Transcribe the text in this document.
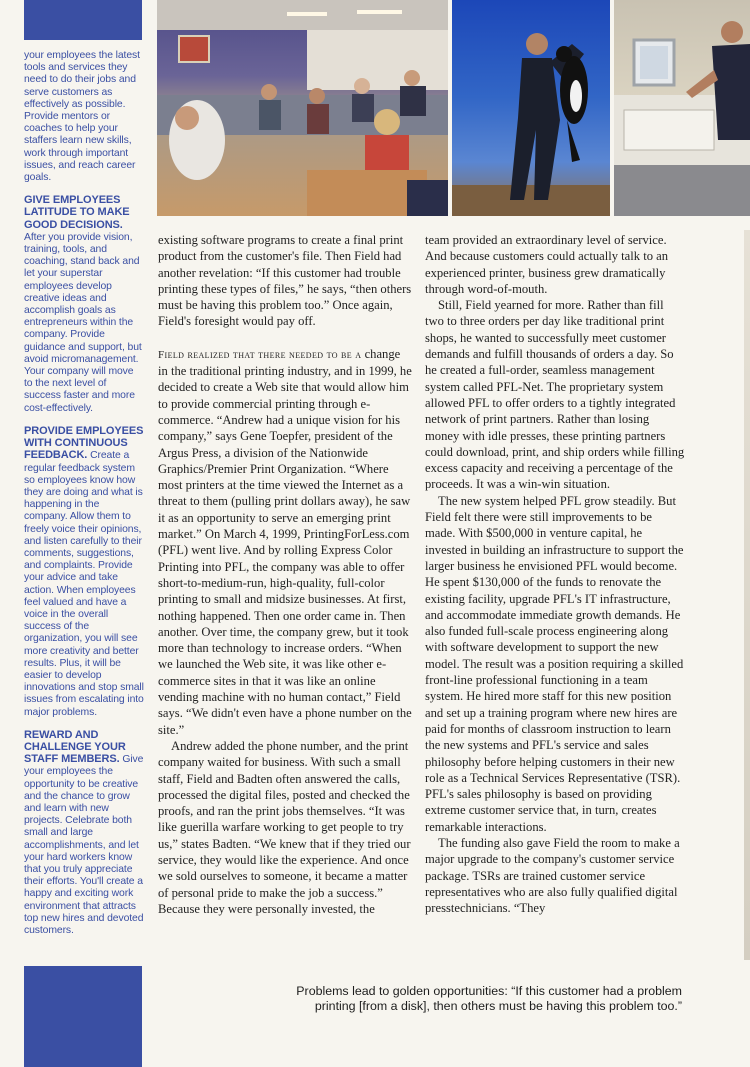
your employees the latest tools and services they need to do their jobs and serve customers as effectively as possible. Provide mentors or coaches to help your staffers learn new skills, work through important issues, and reach career goals.

GIVE EMPLOYEES LATITUDE TO MAKE GOOD DECISIONS.
After you provide vision, training, tools, and coaching, stand back and let your superstar employees develop creative ideas and accomplish goals as entrepreneurs within the company. Provide guidance and support, but avoid micromanagement. Your company will move to the next level of success faster and more cost-effectively.

PROVIDE EMPLOYEES WITH CONTINUOUS FEEDBACK. Create a regular feedback system so employees know how they are doing and what is happening in the company. Allow them to freely voice their opinions, and listen carefully to their comments, suggestions, and complaints. Provide your advice and take action. When employees feel valued and have a voice in the overall success of the organization, you will see more creativity and better results. Plus, it will be easier to develop innovations and stop small issues from escalating into major problems.

REWARD AND CHALLENGE YOUR STAFF MEMBERS. Give your employees the opportunity to be creative and the chance to grow and learn with new projects. Celebrate both small and large accomplishments, and let your hard workers know that you truly appreciate their efforts. You'll create a happy and exciting work environment that attracts top new hires and devoted customers.

existing software programs to create a final print product from the customer's file. Then Field had another revelation: “If this customer had trouble printing these types of files,” he says, “then others must be having this problem too.” Once again, Field's foresight would pay off.

Field realized that there needed to be a change in the traditional printing industry, and in 1999, he decided to create a Web site that would allow him to provide commercial printing through e-commerce. “Andrew had a unique vision for his company,” says Gene Toepfer, president of the Argus Press, a division of the Nationwide Graphics/Premier Print Organization. “Where most printers at the time viewed the Internet as a threat to them (pulling print dollars away), he saw it as an opportunity to serve an emerging print market.” On March 4, 1999, PrintingForLess.com (PFL) went live. And by rolling Express Color Printing into PFL, the company was able to offer short-to-medium-run, high-quality, full-color printing to small and midsize businesses. At first, nothing happened. Then one order came in. Then another. Over time, the company grew, but it took more than technology to increase orders. “When we launched the Web site, it was like other e-commerce sites in that it was like an online vending machine with no human contact,” Field says. “We didn't even have a phone number on the site.”

Andrew added the phone number, and the print company waited for business. With such a small staff, Field and Badten often answered the calls, processed the digital files, posted and checked the proofs, and ran the print jobs themselves. “It was like guerilla warfare working to get people to try us,” states Badten. “We knew that if they tried our service, they would like the experience. And once we sold ourselves to someone, it became a matter of personal pride to make the job a success.” Because they were personally invested, the

team provided an extraordinary level of service. And because customers could actually talk to an experienced printer, business grew dramatically through word-of-mouth.

Still, Field yearned for more. Rather than fill two to three orders per day like traditional print shops, he wanted to successfully meet customer demands and fulfill thousands of orders a day. So he created a full-order, seamless management system called PFL-Net. The proprietary system allowed PFL to offer orders to a tightly integrated network of print partners. Rather than losing money with idle presses, these printing partners could download, print, and ship orders while filling excess capacity and receiving a percentage of the proceeds. It was a win-win situation.

The new system helped PFL grow steadily. But Field felt there were still improvements to be made. With $500,000 in venture capital, he invested in building an infrastructure to support the larger business he envisioned PFL would become. He spent $130,000 of the funds to renovate the existing facility, upgrade PFL's IT infrastructure, and accommodate immediate growth demands. He also funded full-scale process engineering along with software development to support the new model. The result was a position requiring a skilled front-line professional functioning in a team system. He hired more staff for this new position and set up a training program where new hires are paid for months of classroom instruction to learn the new systems and PFL's service and sales philosophy before helping customers in their new role as a Technical Services Representative (TSR). PFL's sales philosophy is based on providing extreme customer service that, in turn, creates remarkable interactions.

The funding also gave Field the room to make a major upgrade to the company's customer service package. TSRs are trained customer service representatives who are also fully qualified digital presstechnicians. “They

Problems lead to golden opportunities: “If this customer had a problem
printing [from a disk], then others must be having this problem too.”
